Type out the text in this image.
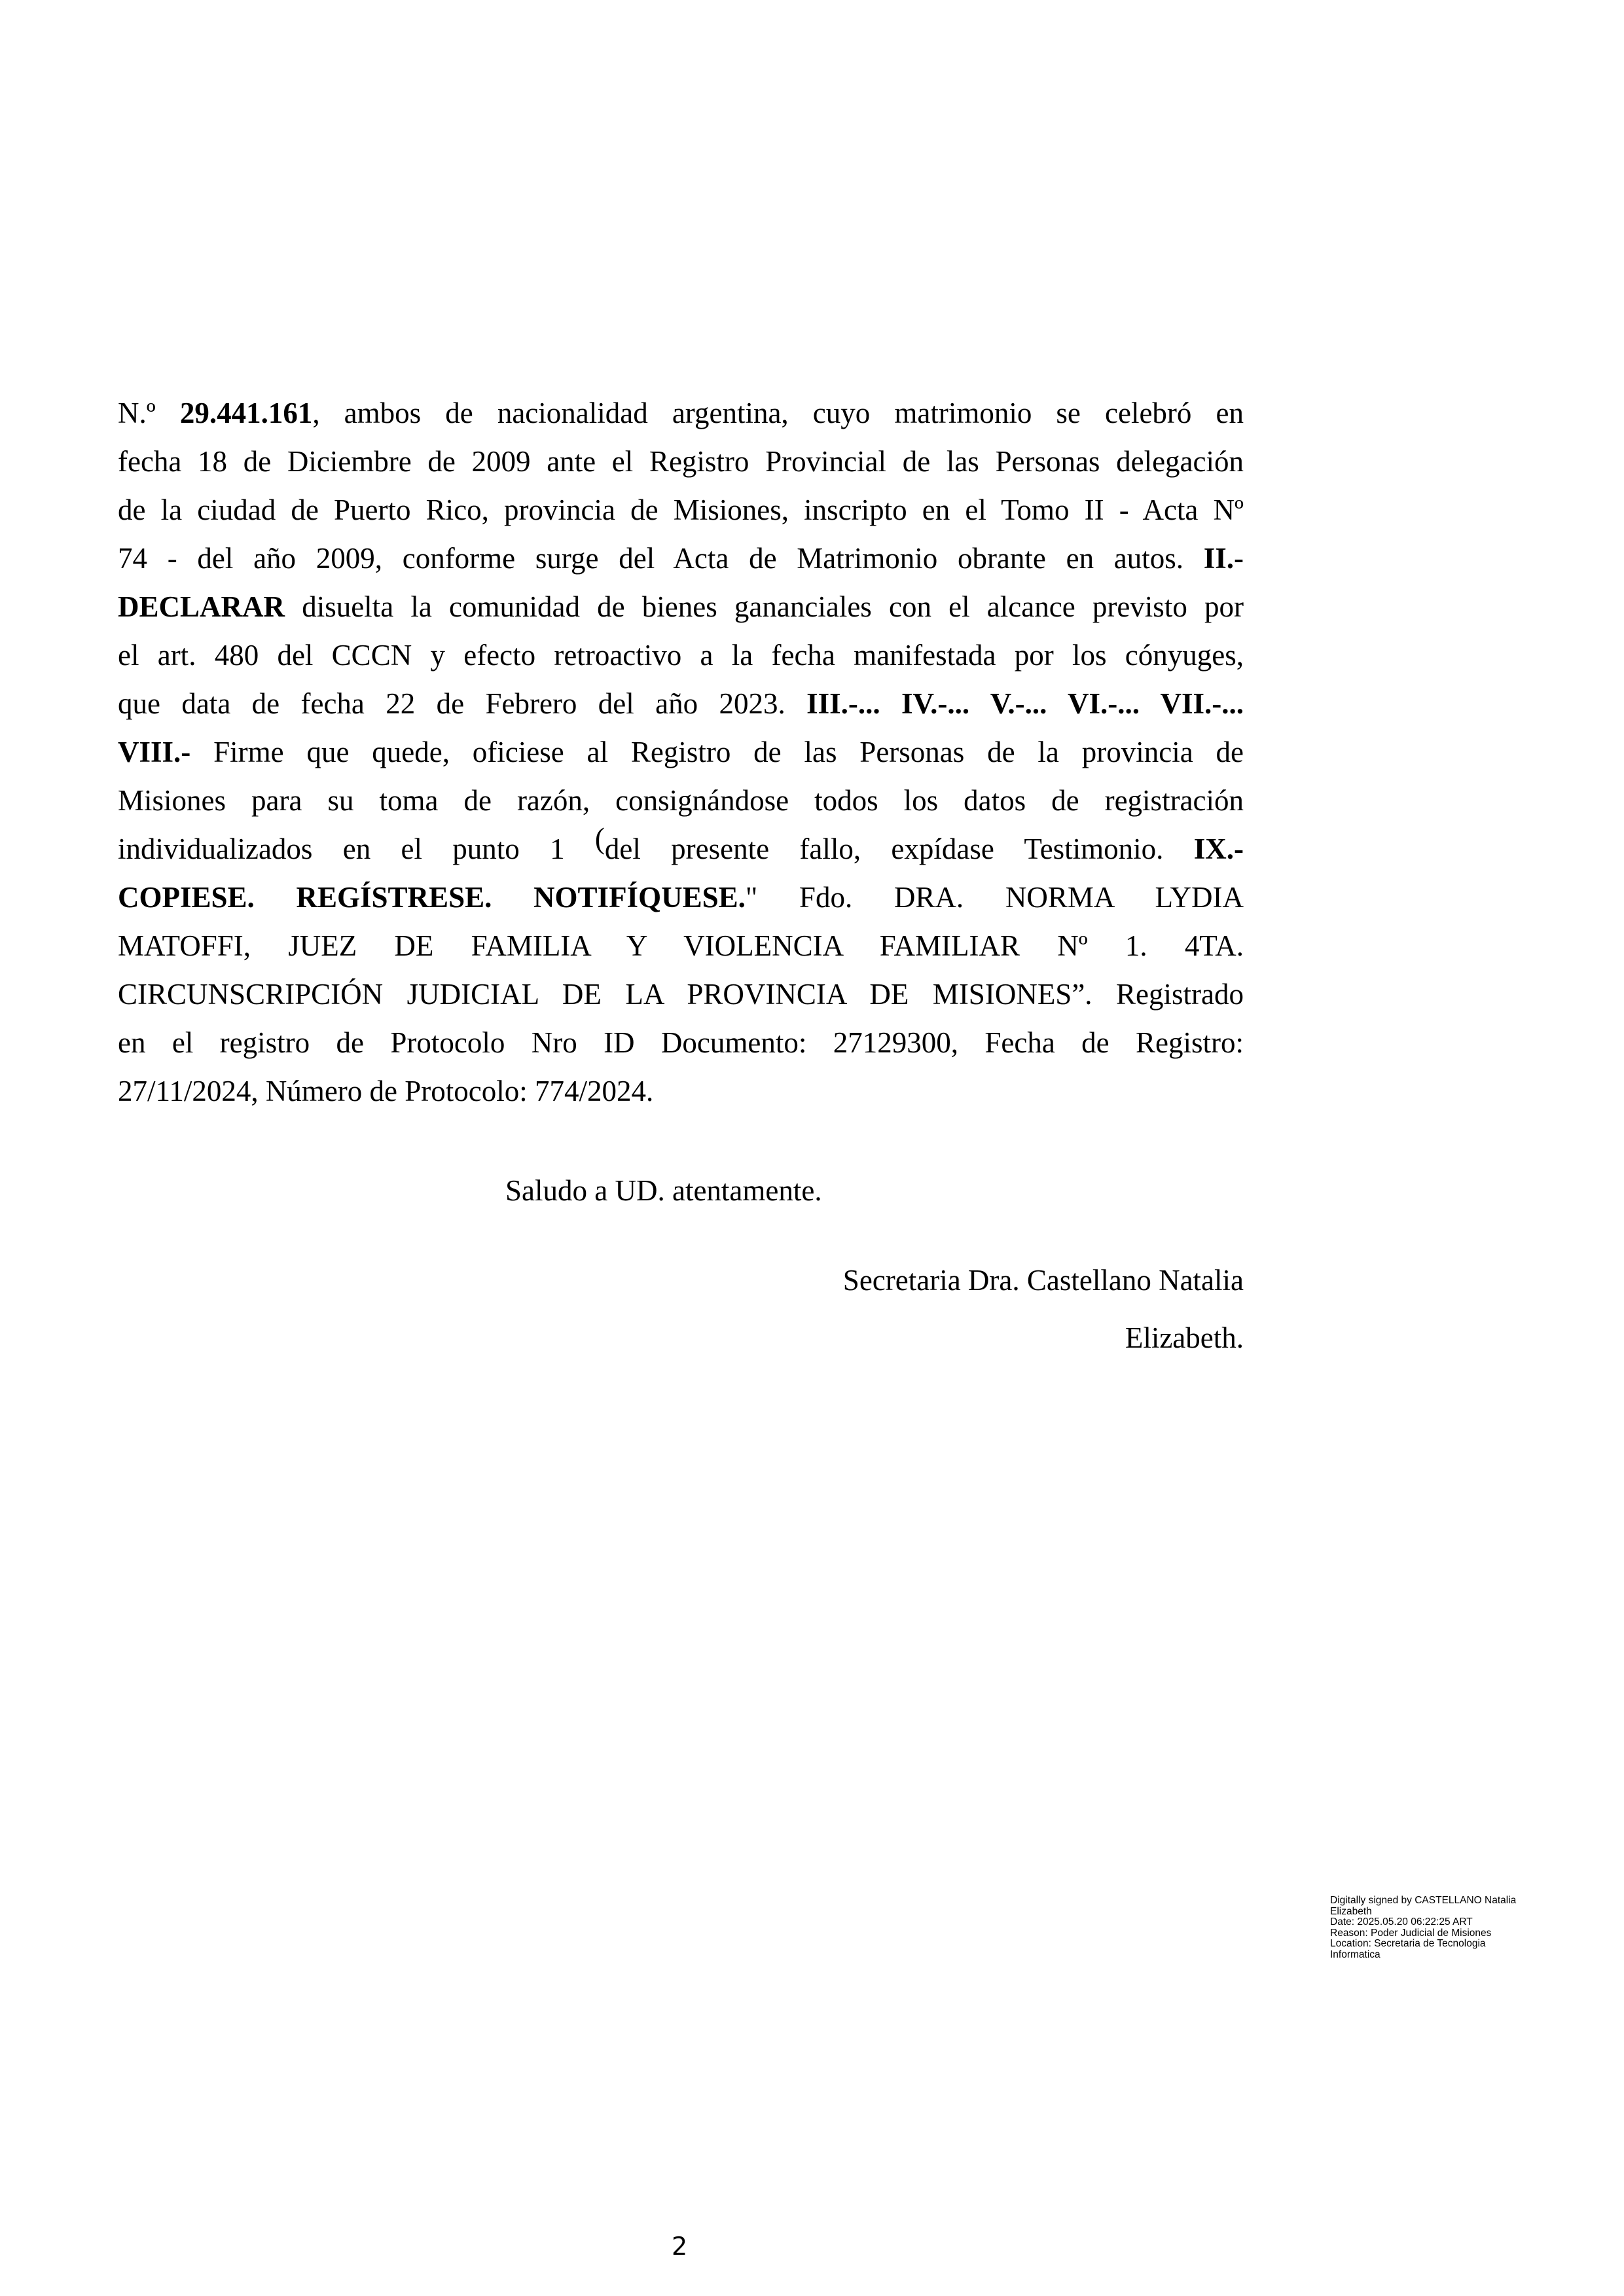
N.º 29.441.161, ambos de nacionalidad argentina, cuyo matrimonio se celebró en
fecha 18 de Diciembre de 2009 ante el Registro Provincial de las Personas delegación
de la ciudad de Puerto Rico, provincia de Misiones, inscripto en el Tomo II - Acta Nº
74 - del año 2009, conforme surge del Acta de Matrimonio obrante en autos. II.-
DECLARAR disuelta la comunidad de bienes gananciales con el alcance previsto por
el art. 480 del CCCN y efecto retroactivo a la fecha manifestada por los cónyuges,
que data de fecha 22 de Febrero del año 2023. III.-... IV.-... V.-... VI.-... VII.-...
VIII.- Firme que quede, oficiese al Registro de las Personas de la provincia de
Misiones para su toma de razón, consignándose todos los datos de registración
individualizados en el punto 1 (del presente fallo, expídase Testimonio. IX.-
COPIESE. REGÍSTRESE. NOTIFÍQUESE." Fdo. DRA. NORMA LYDIA
MATOFFI, JUEZ DE FAMILIA Y VIOLENCIA FAMILIAR Nº 1. 4TA.
CIRCUNSCRIPCIÓN JUDICIAL DE LA PROVINCIA DE MISIONES”. Registrado
en el registro de Protocolo Nro ID Documento: 27129300, Fecha de Registro:
27/11/2024, Número de Protocolo: 774/2024.
Saludo a UD. atentamente.
Secretaria Dra. Castellano Natalia
Elizabeth.
Digitally signed by CASTELLANO Natalia
Elizabeth
Date: 2025.05.20 06:22:25 ART
Reason: Poder Judicial de Misiones
Location: Secretaria de Tecnologia
Informatica
2
